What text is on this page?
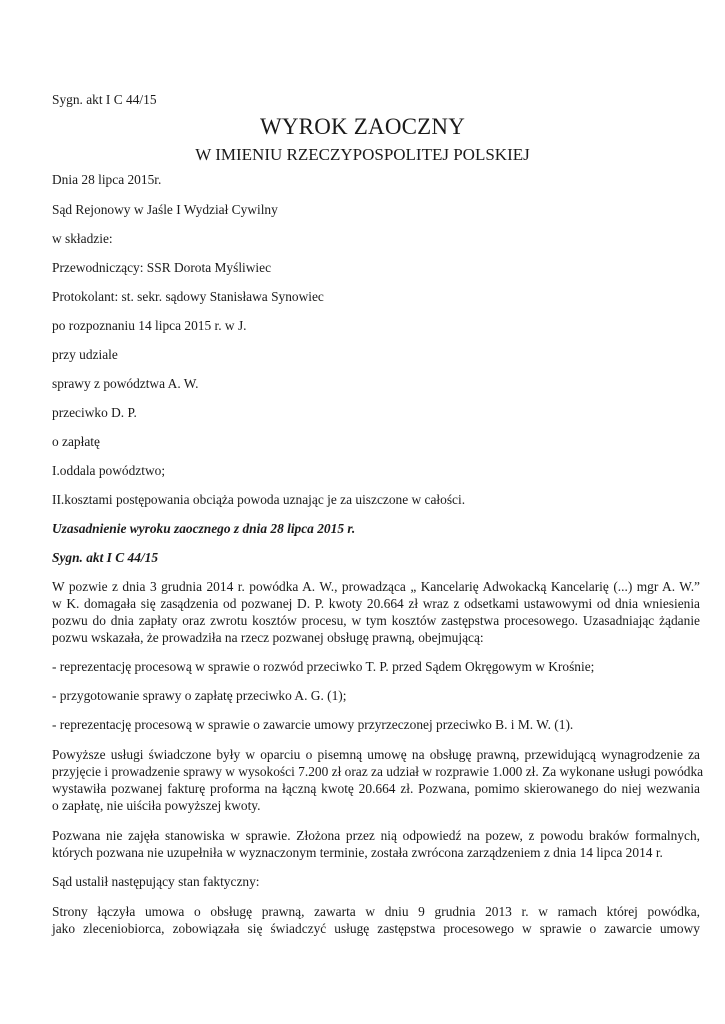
Sygn. akt I C 44/15
WYROK ZAOCZNY
W IMIENIU RZECZYPOSPOLITEJ POLSKIEJ
Dnia 28 lipca 2015r.
Sąd Rejonowy w Jaśle I Wydział Cywilny
w składzie:
Przewodniczący: SSR Dorota Myśliwiec
Protokolant: st. sekr. sądowy Stanisława Synowiec
po rozpoznaniu 14 lipca 2015 r. w J.
przy udziale
sprawy z powództwa A. W.
przeciwko D. P.
o zapłatę
I.oddala powództwo;
II.kosztami postępowania obciąża powoda uznając je za uiszczone w całości.
Uzasadnienie wyroku zaocznego z dnia 28 lipca 2015 r.
Sygn. akt I C 44/15
W pozwie z dnia 3 grudnia 2014 r. powódka A. W., prowadząca „ Kancelarię Adwokacką Kancelarię (...) mgr A. W.”
w K. domagała się zasądzenia od pozwanej D. P. kwoty 20.664 zł wraz z odsetkami ustawowymi od dnia wniesienia
pozwu do dnia zapłaty oraz zwrotu kosztów procesu, w tym kosztów zastępstwa procesowego. Uzasadniając żądanie
pozwu wskazała, że prowadziła na rzecz pozwanej obsługę prawną, obejmującą:
- reprezentację procesową w sprawie o rozwód przeciwko T. P. przed Sądem Okręgowym w Krośnie;
- przygotowanie sprawy o zapłatę przeciwko A. G. (1);
- reprezentację procesową w sprawie o zawarcie umowy przyrzeczonej przeciwko B. i M. W. (1).
Powyższe usługi świadczone były w oparciu o pisemną umowę na obsługę prawną, przewidującą wynagrodzenie za
przyjęcie i prowadzenie sprawy w wysokości 7.200 zł oraz za udział w rozprawie 1.000 zł. Za wykonane usługi powódka
wystawiła pozwanej fakturę proforma na łączną kwotę 20.664 zł. Pozwana, pomimo skierowanego do niej wezwania
o zapłatę, nie uiściła powyższej kwoty.
Pozwana nie zajęła stanowiska w sprawie. Złożona przez nią odpowiedź na pozew, z powodu braków formalnych,
których pozwana nie uzupełniła w wyznaczonym terminie, została zwrócona zarządzeniem z dnia 14 lipca 2014 r.
Sąd ustalił następujący stan faktyczny:
Strony łączyła umowa o obsługę prawną, zawarta w dniu 9 grudnia 2013 r. w ramach której powódka,
jako zleceniobiorca, zobowiązała się świadczyć usługę zastępstwa procesowego w sprawie o zawarcie umowy
